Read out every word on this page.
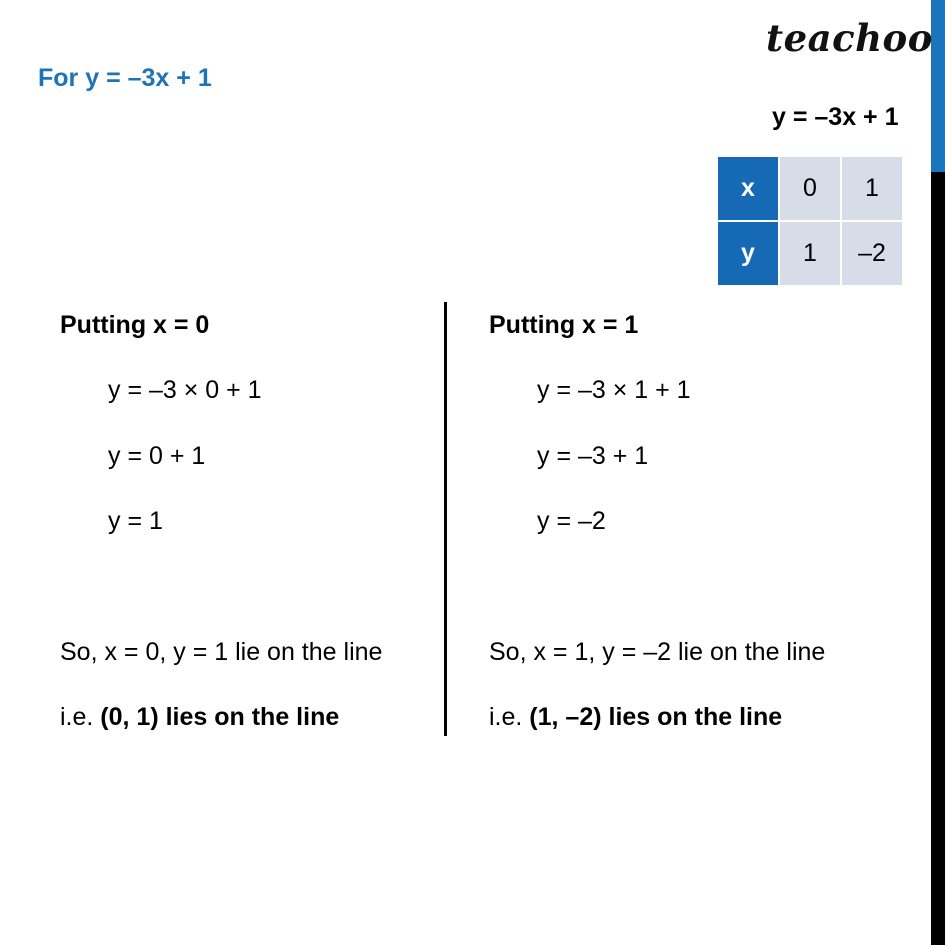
teachoo
For y = –3x + 1
y = –3x + 1
x	0	1
y	1	–2
Putting x = 0
y = –3 × 0 + 1
y = 0 + 1
y = 1
So, x = 0, y = 1 lie on the line
i.e. (0, 1) lies on the line
Putting x = 1
y = –3 × 1 + 1
y = –3 + 1
y = –2
So, x = 1, y = –2 lie on the line
i.e. (1, –2) lies on the line
